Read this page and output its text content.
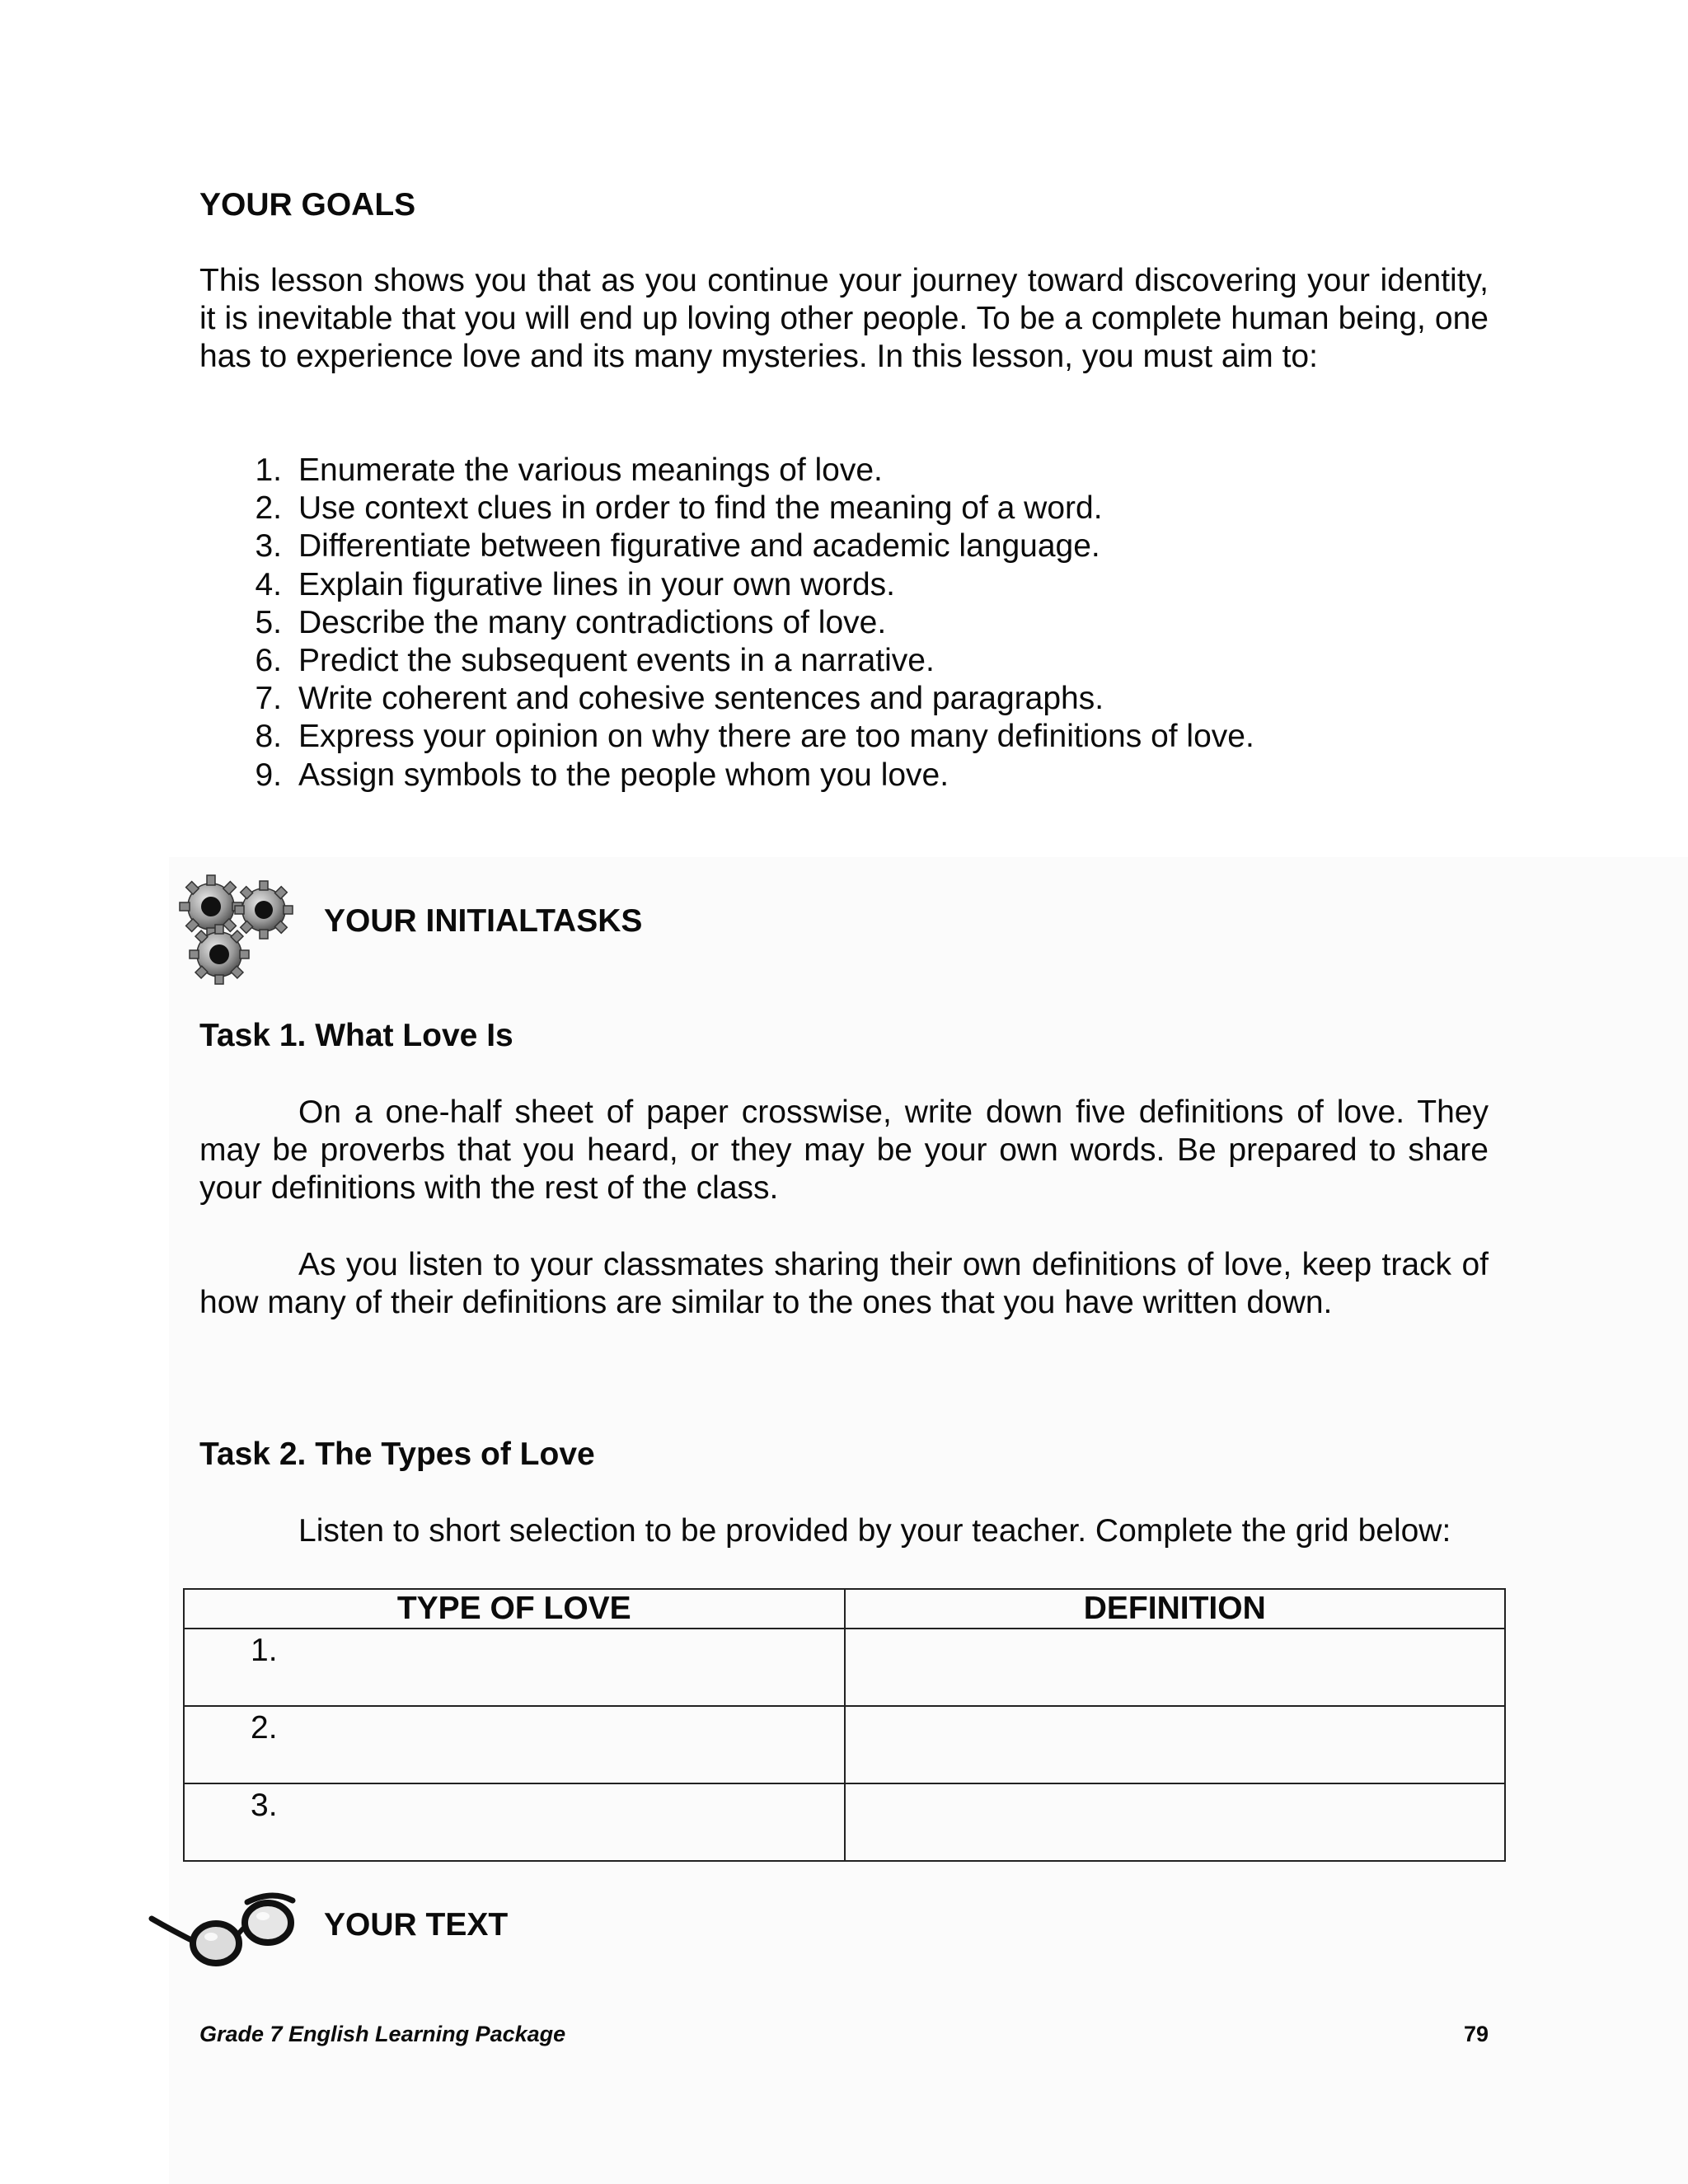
YOUR GOALS

This lesson shows you that as you continue your journey toward discovering your identity, it is inevitable that you will end up loving other people. To be a complete human being, one has to experience love and its many mysteries. In this lesson, you must aim to:

1. Enumerate the various meanings of love.
2. Use context clues in order to find the meaning of a word.
3. Differentiate between figurative and academic language.
4. Explain figurative lines in your own words.
5. Describe the many contradictions of love.
6. Predict the subsequent events in a narrative.
7. Write coherent and cohesive sentences and paragraphs.
8. Express your opinion on why there are too many definitions of love.
9. Assign symbols to the people whom you love.
YOUR INITIALTASKS
Task 1. What Love Is

On a one-half sheet of paper crosswise, write down five definitions of love. They may be proverbs that you heard, or they may be your own words. Be prepared to share your definitions with the rest of the class.

As you listen to your classmates sharing their own definitions of love, keep track of how many of their definitions are similar to the ones that you have written down.

Task 2. The Types of Love

Listen to short selection to be provided by your teacher. Complete the grid below:

TYPE OF LOVE	DEFINITION

1.	

2.	

3.	

YOUR TEXT
Grade 7 English Learning Package	79
